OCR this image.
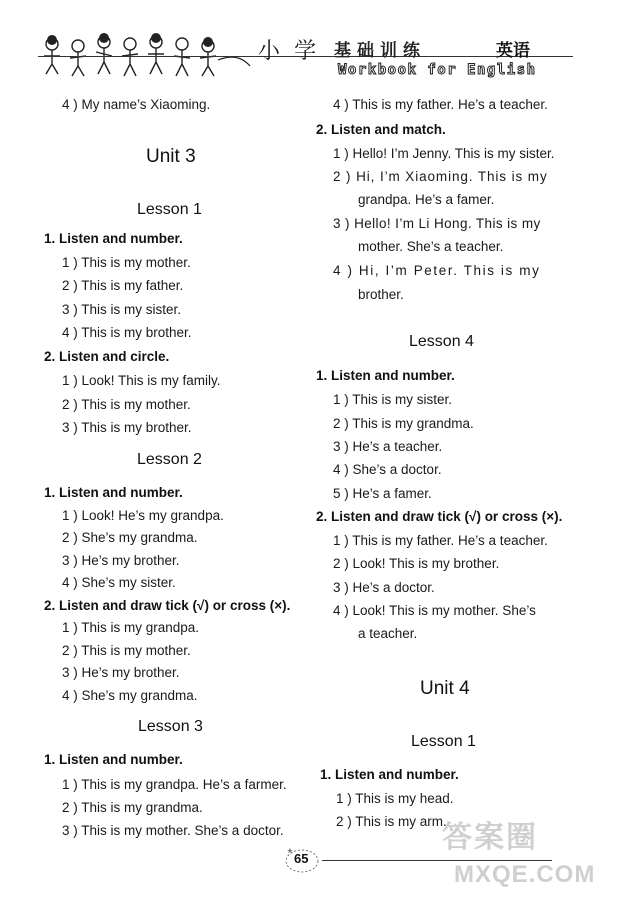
小 学 基础训练	英语
Workbook for English
4 ) My name’s Xiaoming.
Unit 3
Lesson 1
1. Listen and number.
1 ) This is my mother.
2 ) This is my father.
3 ) This is my sister.
4 ) This is my brother.
2. Listen and circle.
1 ) Look! This is my family.
2 ) This is my mother.
3 ) This is my brother.
Lesson 2
1. Listen and number.
1 ) Look! He’s my grandpa.
2 ) She’s my grandma.
3 ) He’s my brother.
4 ) She’s my sister.
2. Listen and draw tick (√) or cross (×).
1 ) This is my grandpa.
2 ) This is my mother.
3 ) He’s my brother.
4 ) She’s my grandma.
Lesson 3
1. Listen and number.
1 ) This is my grandpa. He’s a farmer.
2 ) This is my grandma.
3 ) This is my mother. She’s a doctor.
4 ) This is my father. He’s a teacher.
2. Listen and match.
1 ) Hello! I’m Jenny. This is my sister.
2 ) Hi, I’m Xiaoming. This is my
grandpa. He’s a famer.
3 ) Hello! I’m Li Hong. This is my
mother. She’s a teacher.
4 ) Hi, I’m Peter. This is my
brother.
Lesson 4
1. Listen and number.
1 ) This is my sister.
2 ) This is my grandma.
3 ) He’s a teacher.
4 ) She’s a doctor.
5 ) He’s a famer.
2. Listen and draw tick (√) or cross (×).
1 ) This is my father. He’s a teacher.
2 ) Look! This is my brother.
3 ) He’s a doctor.
4 ) Look! This is my mother. She’s
a teacher.
Unit 4
Lesson 1
1. Listen and number.
1 ) This is my head.
2 ) This is my arm.
65
答案圈
MXQE.COM
